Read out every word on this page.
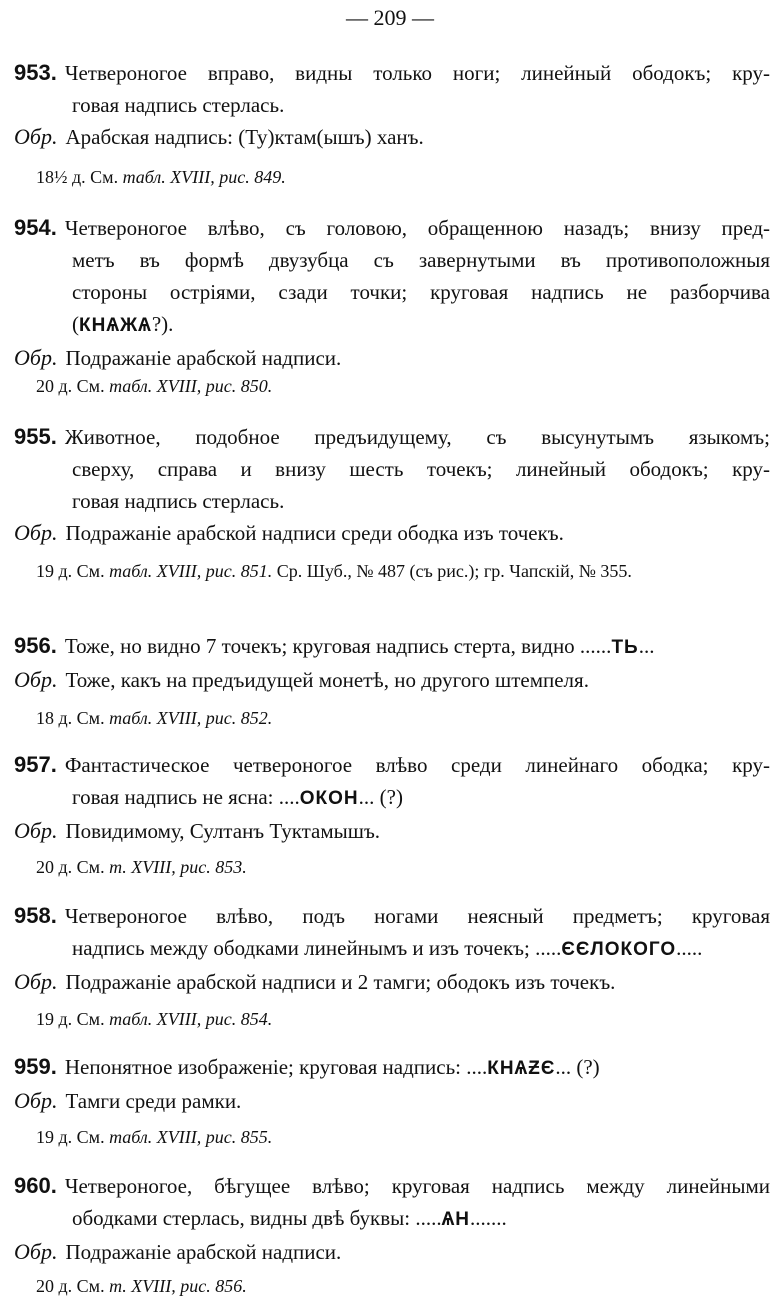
— 209 —
953. Четвероногое вправо, видны только ноги; линейный ободокъ; кру-
говая надпись стерлась.
Обр. Арабская надпись: (Ту)ктам(ышъ) ханъ.
18½ д. См. табл. XVIII, рис. 849.
954. Четвероногое влѣво, съ головою, обращенною назадъ; внизу пред-
метъ въ формѣ двузубца съ завернутыми въ противоположныя
стороны остріями, сзади точки; круговая надпись не разборчива
(КНѦЖѦ?).
Обр. Подражаніе арабской надписи.
20 д. См. табл. XVIII, рис. 850.
955. Животное, подобное предъидущему, съ высунутымъ языкомъ;
сверху, справа и внизу шесть точекъ; линейный ободокъ; кру-
говая надпись стерлась.
Обр. Подражаніе арабской надписи среди ободка изъ точекъ.
19 д. См. табл. XVIII, рис. 851. Ср. Шуб., № 487 (съ рис.); гр. Чапскій, № 355.
956. Тоже, но видно 7 точекъ; круговая надпись стерта, видно ......ТЬ...
Обр. Тоже, какъ на предъидущей монетѣ, но другого штемпеля.
18 д. См. табл. XVIII, рис. 852.
957. Фантастическое четвероногое влѣво среди линейнаго ободка; кру-
говая надпись не ясна: ....ОКОН... (?)
Обр. Повидимому, Султанъ Туктамышъ.
20 д. См. т. XVIII, рис. 853.
958. Четвероногое влѣво, подъ ногами неясный предметъ; круговая
надпись между ободками линейнымъ и изъ точекъ; .....ЄЄЛОКОГО.....
Обр. Подражаніе арабской надписи и 2 тамги; ободокъ изъ точекъ.
19 д. См. табл. XVIII, рис. 854.
959. Непонятное изображеніе; круговая надпись: ....КНѦƵЄ... (?)
Обр. Тамги среди рамки.
19 д. См. табл. XVIII, рис. 855.
960. Четвероногое, бѣгущее влѣво; круговая надпись между линейными
ободками стерлась, видны двѣ буквы: .....ѦН.......
Обр. Подражаніе арабской надписи.
20 д. См. т. XVIII, рис. 856.
